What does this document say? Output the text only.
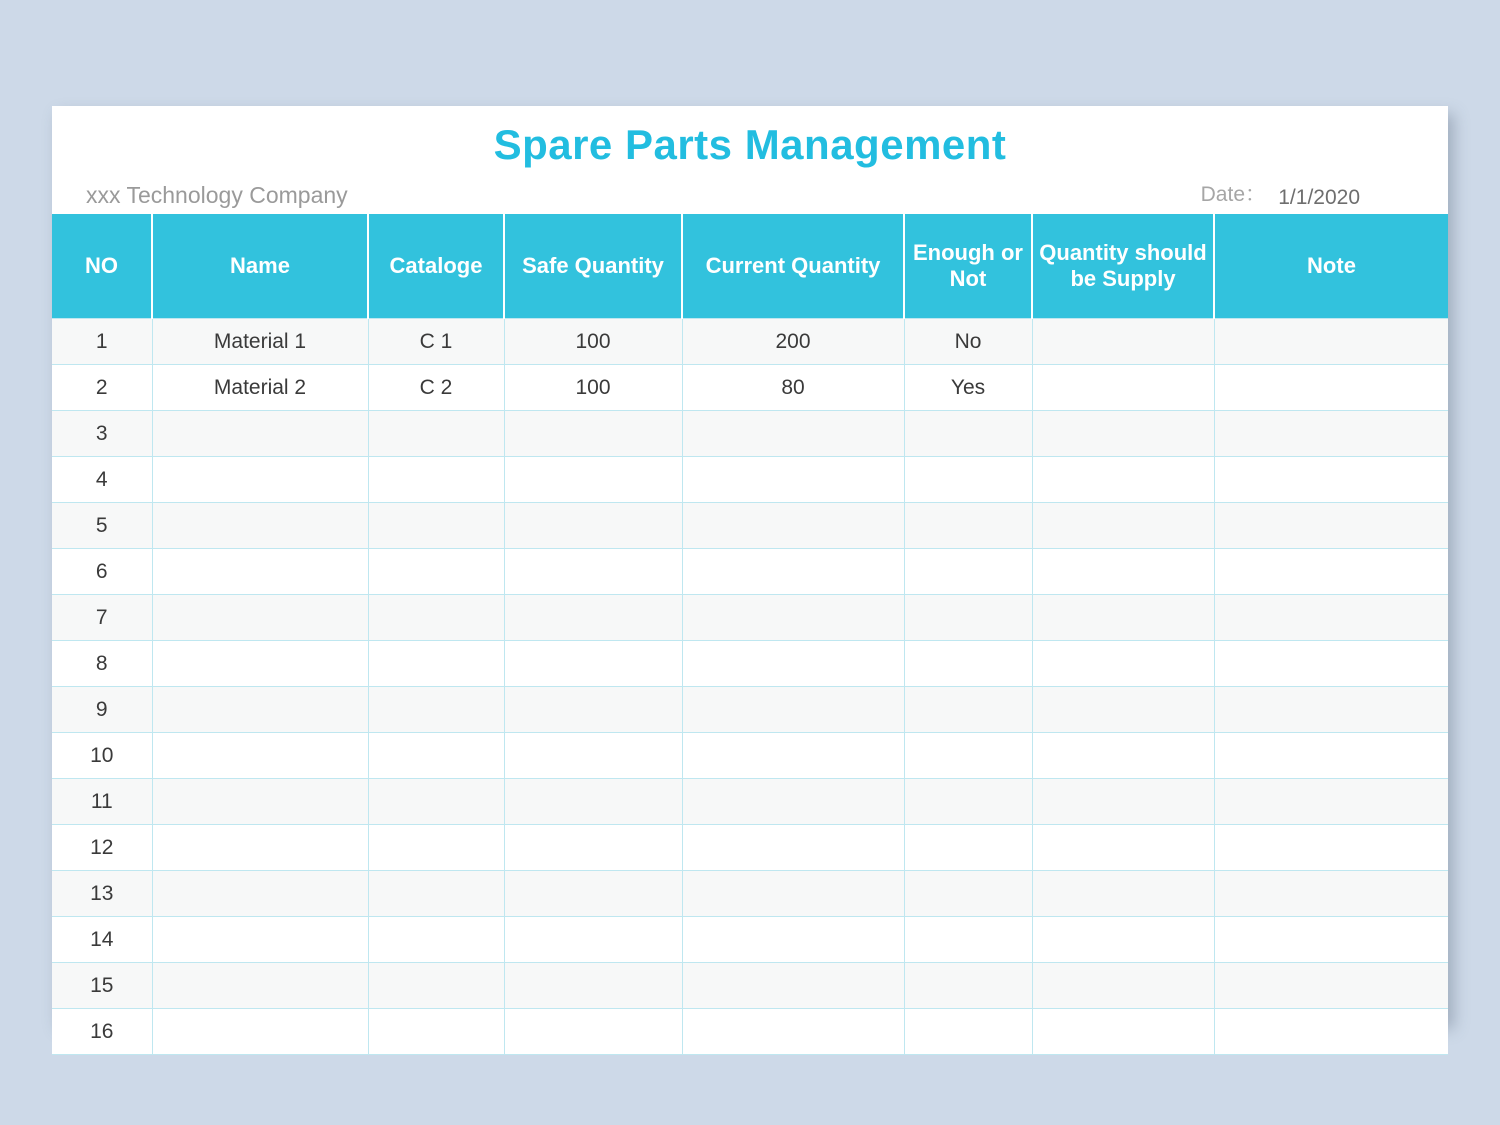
Spare Parts Management
xxx Technology Company	Date： 1/1/2020
NO	Name	Cataloge	Safe Quantity	Current Quantity	Enough or Not	Quantity should be Supply	Note
1	Material 1	C 1	100	200	No		
2	Material 2	C 2	100	80	Yes		
3							
4							
5							
6							
7							
8							
9							
10							
11							
12							
13							
14							
15							
16							
